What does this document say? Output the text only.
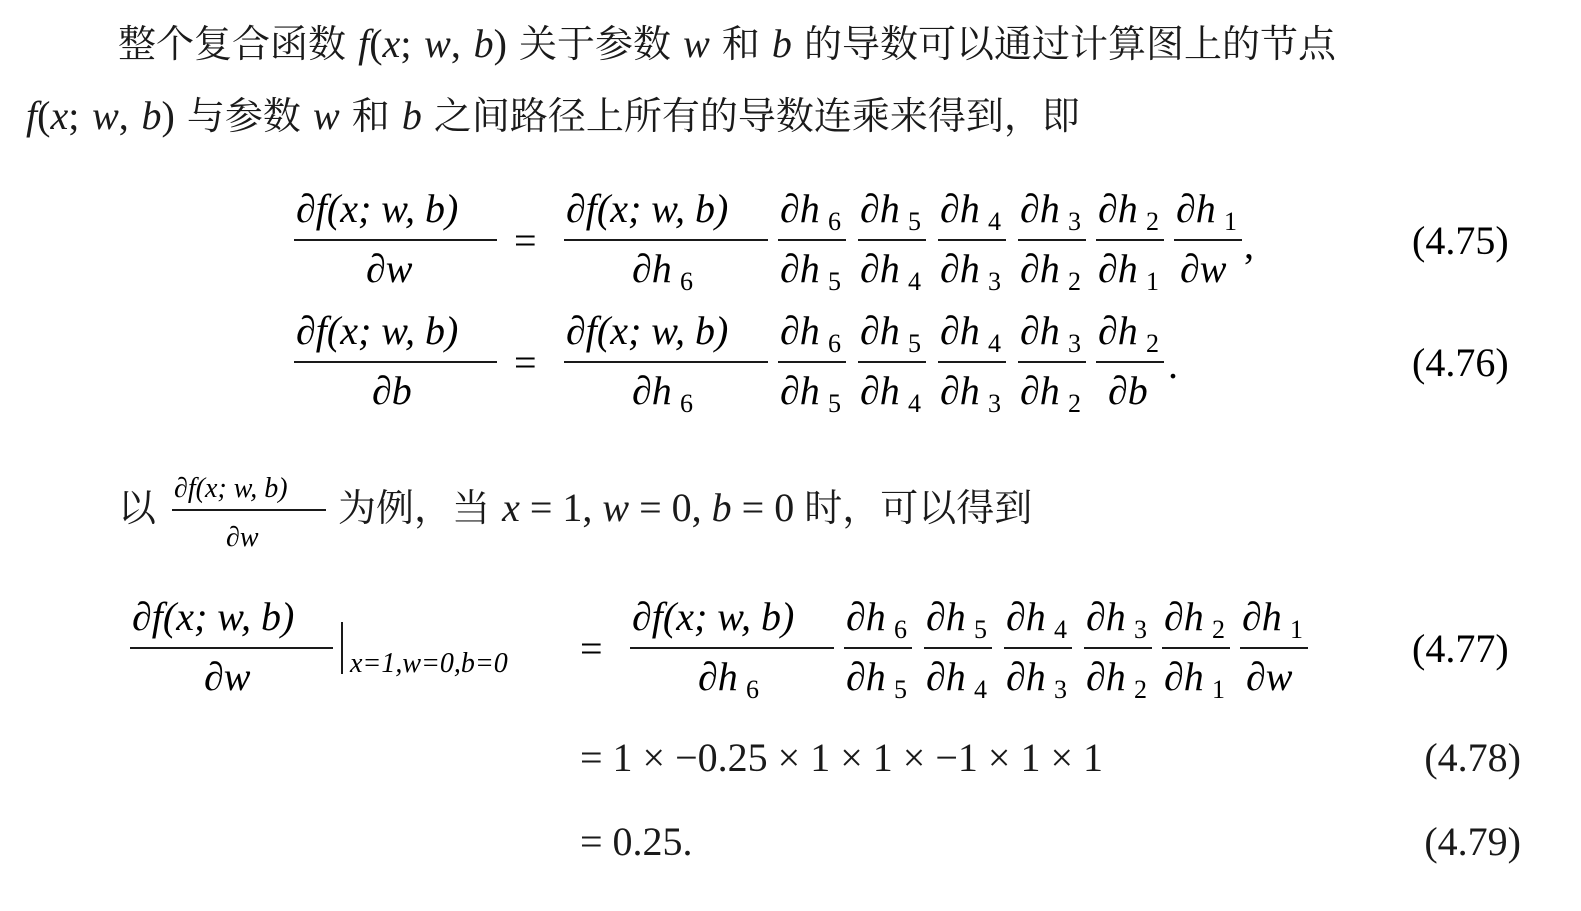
整个复合函数 f(x; w, b) 关于参数 w 和 b 的导数可以通过计算图上的节点
f(x; w, b) 与参数 w 和 b 之间路径上所有的导数连乘来得到，即
∂f(x; w, b)
∂w
=
∂f(x; w, b)
∂h 6
∂h 6
∂h 5
∂h 5
∂h 4
∂h 4
∂h 3
∂h 3
∂h 2
∂h 2
∂h 1
∂h 1
∂w
,	(4.75)
∂f(x; w, b)
∂b
=
∂f(x; w, b)
∂h 6
∂h 6
∂h 5
∂h 5
∂h 4
∂h 4
∂h 3
∂h 3
∂h 2
∂h 2
∂b
.	(4.76)
∂f(x; w, b)
∂w
∂f(x; w, b)
∂w	x=1,w=0,b=0 =
∂f(x; w, b)
∂h 6
∂h 6
∂h 5
∂h 5
∂h 4
∂h 4
∂h 3
∂h 3
∂h 2
∂h 2
∂h 1
∂h 1
∂w
(4.77)
以	为例，当 x = 1, w = 0, b = 0 时，可以得到
= 1 × −0.25 × 1 × 1 × −1 × 1 × 1	(4.78)
= 0.25.	(4.79)
